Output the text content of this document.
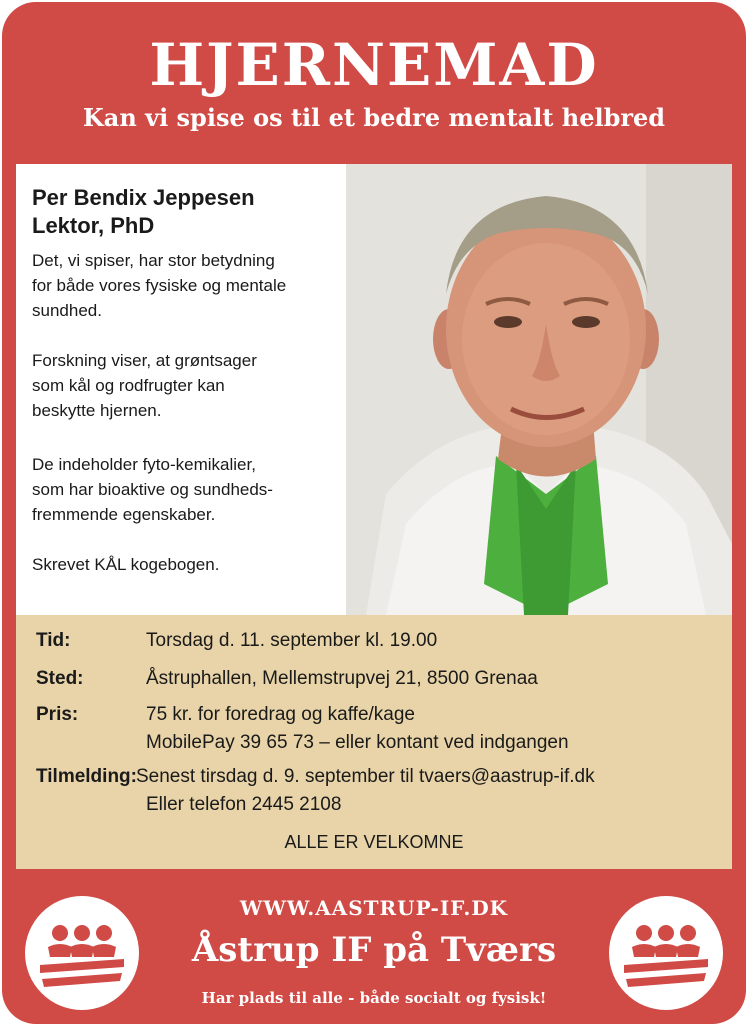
HJERNEMAD
Kan vi spise os til et bedre mentalt helbred
Per Bendix Jeppesen
Lektor, PhD
Det, vi spiser, har stor betydning
for både vores fysiske og mentale
sundhed.
Forskning viser, at grøntsager
som kål og rodfrugter kan
beskytte hjernen.
De indeholder fyto-kemikalier,
som har bioaktive og sundheds-
fremmende egenskaber.
Skrevet KÅL kogebogen.
Tid:	Torsdag d. 11. september kl. 19.00
Sted:	Åstruphallen, Mellemstrupvej 21, 8500 Grenaa
Pris:	75 kr. for foredrag og kaffe/kage
MobilePay 39 65 73 – eller kontant ved indgangen
Tilmelding: Senest tirsdag d. 9. september til tvaers@aastrup-if.dk
Eller telefon 2445 2108
ALLE ER VELKOMNE
WWW.AASTRUP-IF.DK
Åstrup IF på Tværs
Har plads til alle - både socialt og fysisk!
